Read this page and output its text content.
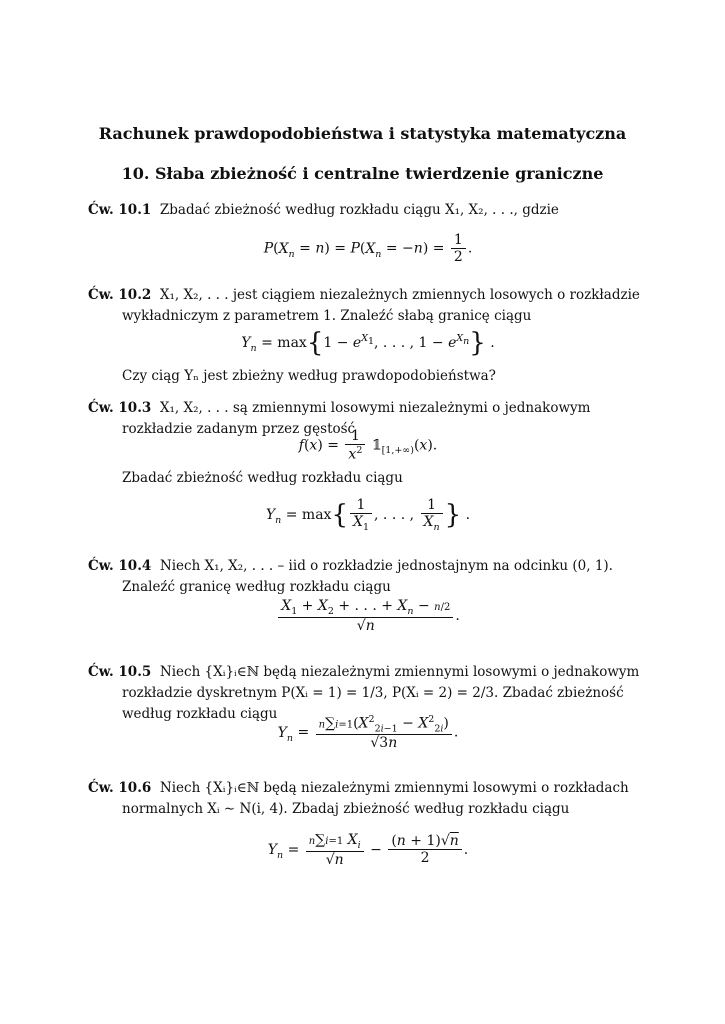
Rachunek prawdopodobieństwa i statystyka matematyczna
10. Słaba zbieżność i centralne twierdzenie graniczne

Ćw. 10.1 Zbadać zbieżność według rozkładu ciągu X₁, X₂, . . ., gdzie

$P(X_n = n) = P(X_n = -n) = \frac{1}{2}$ .

Ćw. 10.2 X₁, X₂, . . . jest ciągiem niezależnych zmiennych losowych o rozkładzie wykładniczym z parametrem 1. Znaleźć słabą granicę ciągu

$Y_n = \max\{1 - e^{X_1}$, . . . , $1 - e^{X_n}$} .

Czy ciąg Yₙ jest zbieżny według prawdopodobieństwa?

Ćw. 10.3 X₁, X₂, . . . są zmiennymi losowymi niezależnymi o jednakowym rozkładzie zadanym przez gęstość

$f(x) = \frac{1}{x^2}$ $𝟙_{[1,+\infty)}(x)$.

Zbadać zbieżność według rozkładu ciągu

$Y_n = \max\{ \frac{1}{X_1}$ , . . . , $\frac{1}{X_n}$ } .

Ćw. 10.4 Niech X₁, X₂, . . . – iid o rozkładzie jednostajnym na odcinku (0, 1). Znaleźć granicę według rozkładu ciągu

$\frac{X_1 + X_2 + . . . + X_n - n/2}{√n}$ .

Ćw. 10.5 Niech {Xᵢ}ᵢ∈ℕ będą niezależnymi zmiennymi losowymi o jednakowym rozkładzie dyskretnym P(Xᵢ = 1) = 1/3, P(Xᵢ = 2) = 2/3. Zbadać zbieżność według rozkładu ciągu

$Y_n = \frac{n\sum i=1(X^2_{2i-1} - X^2_{2i})}{√3n}$ .

Ćw. 10.6 Niech {Xᵢ}ᵢ∈ℕ będą niezależnymi zmiennymi losowymi o rozkładach normalnych Xᵢ ∼ N(i, 4). Zbadaj zbieżność według rozkładu ciągu

$Y_n = \frac{n\sum i=1 X_i}{√n} - \frac{(n + 1)√n}{2}$ .
